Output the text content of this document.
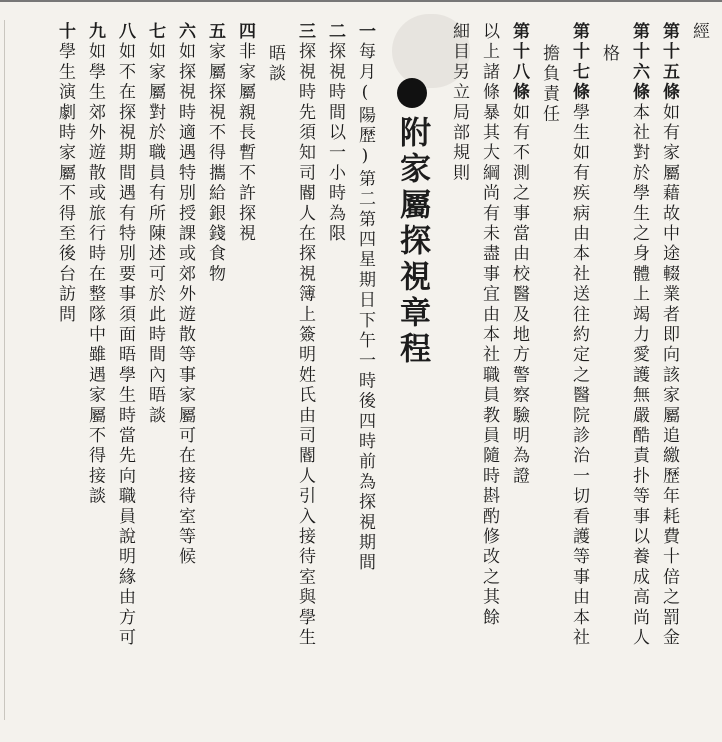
附家屬探視章程
經
第十五條如有家屬藉故中途輟業者即向該家屬追繳歷年耗費十倍之罰金
第十六條本社對於學生之身體上竭力愛護無嚴酷責扑等事以養成高尚人
格
第十七條學生如有疾病由本社送往約定之醫院診治一切看護等事由本社
擔負責任
第十八條如有不測之事當由校醫及地方警察驗明為證
以上諸條暴其大綱尚有未盡事宜由本社職員教員隨時斟酌修改之其餘
細目另立局部規則
一每月(陽歷)第二第四星期日下午一時後四時前為探視期間
二探視時間以一小時為限
三探視時先須知司閽人在探視簿上簽明姓氏由司閽人引入接待室與學生
晤談
四非家屬親長暫不許探視
五家屬探視不得攜給銀錢食物
六如探視時適遇特別授課或郊外遊散等事家屬可在接待室等候
七如家屬對於職員有所陳述可於此時間內晤談
八如不在探視期間遇有特別要事須面晤學生時當先向職員說明緣由方可
九如學生郊外遊散或旅行時在整隊中雖遇家屬不得接談
十學生演劇時家屬不得至後台訪問
